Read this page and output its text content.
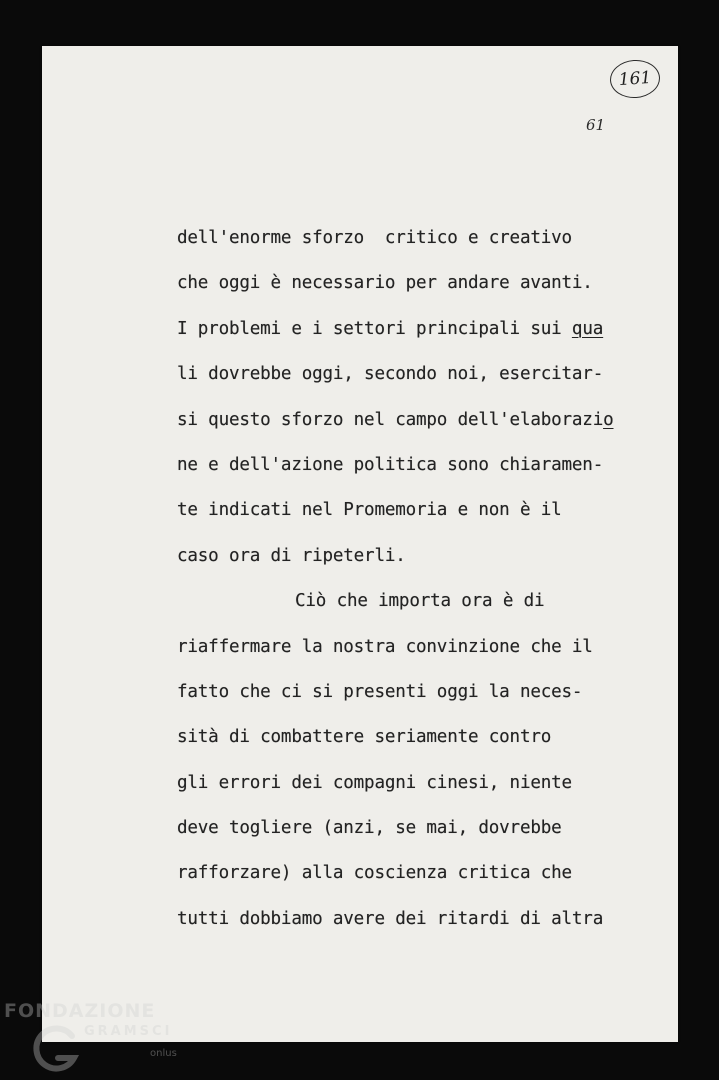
161
61
dell'enorme sforzo  critico e creativo
che oggi è necessario per andare avanti.
I problemi e i settori principali sui qua
li dovrebbe oggi, secondo noi, esercitar-
si questo sforzo nel campo dell'elaborazio
ne e dell'azione politica sono chiaramen-
te indicati nel Promemoria e non è il
caso ora di ripeterli.
Ciò che importa ora è di
riaffermare la nostra convinzione che il
fatto che ci si presenti oggi la neces-
sità di combattere seriamente contro
gli errori dei compagni cinesi, niente
deve togliere (anzi, se mai, dovrebbe
rafforzare) alla coscienza critica che
tutti dobbiamo avere dei ritardi di altra
FONDAZIONE
GRAMSCI
onlus
